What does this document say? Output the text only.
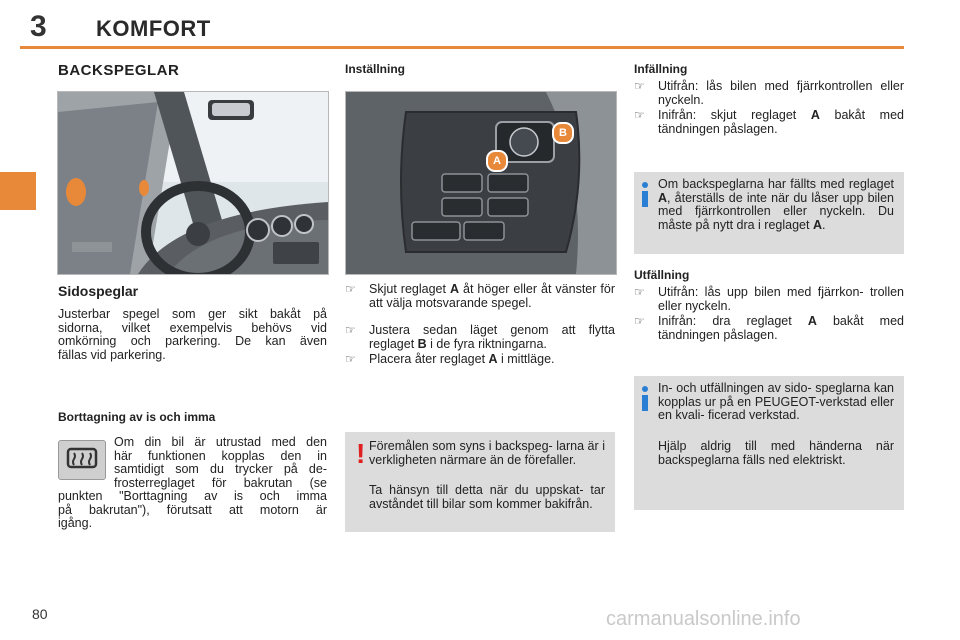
3 KOMFORT
BACKSPEGLAR
Sidospeglar
Justerbar spegel som ger sikt bakåt på
sidorna, vilket exempelvis behövs vid
omkörning och parkering. De kan även
fällas vid parkering.
Borttagning av is och imma
Om din bil är utrustad med den
här funktionen kopplas den in
samtidigt som du trycker på de-
frosterreglaget för bakrutan (se
punkten "Borttagning av is och imma
på bakrutan"), förutsatt att motorn är
igång.
Inställning
A
B
☞ Skjut reglaget A åt höger eller åt vänster för att välja motsvarande spegel.
☞ Justera sedan läget genom att flytta reglaget B i de fyra riktningarna.
☞ Placera åter reglaget A i mittläge.
! Föremålen som syns i backspeg- larna är i verkligheten närmare än de förefaller.
Ta hänsyn till detta när du uppskat- tar avståndet till bilar som kommer bakifrån.
Infällning
☞ Utifrån: lås bilen med fjärrkontrollen eller nyckeln.
☞ Inifrån: skjut reglaget A bakåt med tändningen påslagen.
Om backspeglarna har fällts med reglaget A, återställs de inte när du låser upp bilen med fjärrkontrollen eller nyckeln. Du måste på nytt dra i reglaget A.
Utfällning
☞ Utifrån: lås upp bilen med fjärrkon- trollen eller nyckeln.
☞ Inifrån: dra reglaget A bakåt med tändningen påslagen.
In- och utfällningen av sido- speglarna kan kopplas ur på en PEUGEOT-verkstad eller en kvali- ficerad verkstad.
Hjälp aldrig till med händerna när backspeglarna fälls ned elektriskt.
80	carmanualsonline.info
